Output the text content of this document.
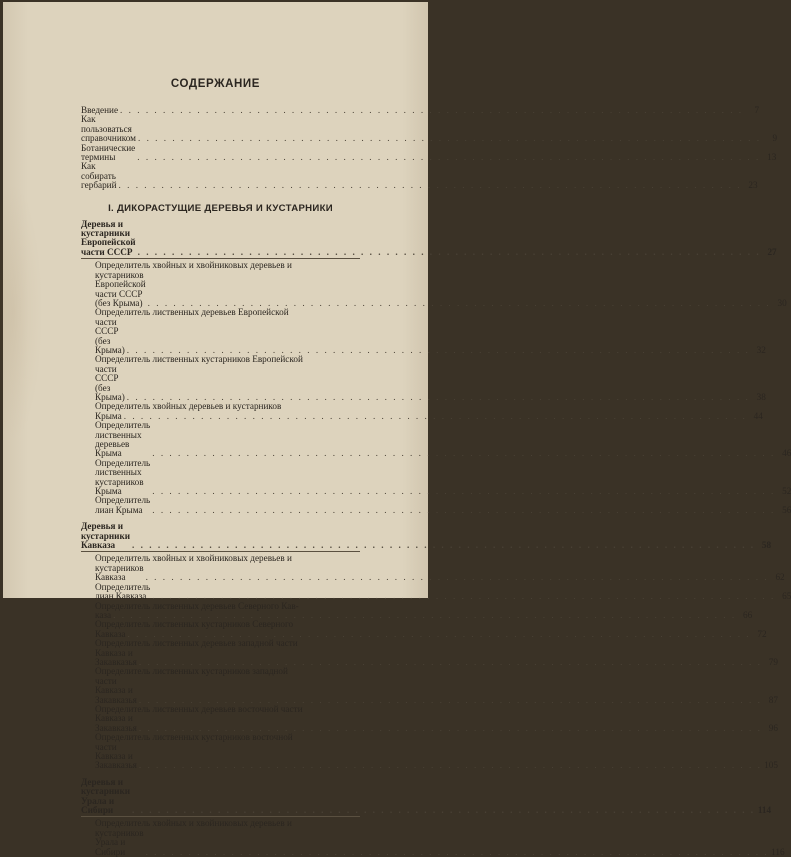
СОДЕРЖАНИЕ
Введение . . .	7
Как пользоваться справочником . . .	9
Ботанические термины . . .	13
Как собирать гербарий . . .	23
I. ДИКОРАСТУЩИЕ ДЕРЕВЬЯ И КУСТАРНИКИ
Деревья и кустарники Европейской части СССР . . .	27
Определитель хвойных и хвойниковых деревьев и
кустарников Европейской части СССР (без Крыма) . . .	30
Определитель лиственных деревьев Европейской
части СССР (без Крыма) . . .	32
Определитель лиственных кустарников Европейской
части СССР (без Крыма) . . .	38
Определитель хвойных деревьев и кустарников
Крыма . . .	44
Определитель лиственных деревьев Крыма . . .	46
Определитель лиственных кустарников Крыма . . .	52
Определитель лиан Крыма . . .	56
Деревья и кустарники Кавказа . . .	58
Определитель хвойных и хвойниковых деревьев и
кустарников Кавказа . . .	62
Определитель лиан Кавказа . . .	65
Определитель лиственных деревьев Северного Кав-
каза . . .	66
Определитель лиственных кустарников Северного
Кавказа . . .	72
Определитель лиственных деревьев западной части
Кавказа и Закавказья . . .	79
Определитель лиственных кустарников западной
части Кавказа и Закавказья . . .	87
Определитель лиственных деревьев восточной части
Кавказа и Закавказья . . .	96
Определитель лиственных кустарников восточной
части Кавказа и Закавказья . . .	105
Деревья и кустарники Урала и Сибири . . .	114
Определитель хвойных и хвойниковых деревьев и
кустарников Урала и Сибири . . .	116
